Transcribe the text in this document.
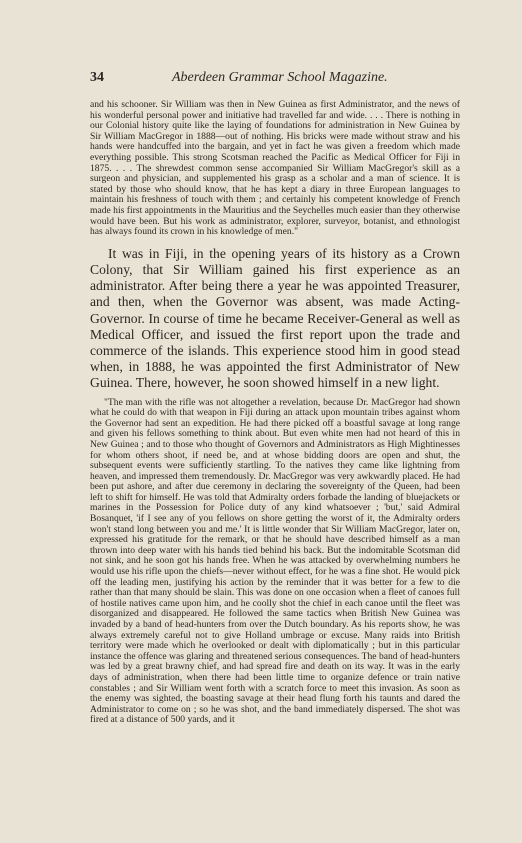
34	Aberdeen Grammar School Magazine.

and his schooner. Sir William was then in New Guinea as first Administrator, and the news of his wonderful personal power and initiative had travelled far and wide. . . . There is nothing in our Colonial history quite like the laying of foundations for administration in New Guinea by Sir William MacGregor in 1888—out of nothing. His bricks were made without straw and his hands were handcuffed into the bargain, and yet in fact he was given a freedom which made everything possible. This strong Scotsman reached the Pacific as Medical Officer for Fiji in 1875. . . . The shrewdest common sense accompanied Sir William MacGregor's skill as a surgeon and physician, and supplemented his grasp as a scholar and a man of science. It is stated by those who should know, that he has kept a diary in three European languages to maintain his freshness of touch with them ; and certainly his competent knowledge of French made his first appointments in the Mauritius and the Seychelles much easier than they otherwise would have been. But his work as administrator, explorer, surveyor, botanist, and ethnologist has always found its crown in his knowledge of men."

It was in Fiji, in the opening years of its history as a Crown Colony, that Sir William gained his first experience as an administrator. After being there a year he was appointed Treasurer, and then, when the Governor was absent, was made Acting-Governor. In course of time he became Receiver-General as well as Medical Officer, and issued the first report upon the trade and commerce of the islands. This experience stood him in good stead when, in 1888, he was appointed the first Administrator of New Guinea. There, however, he soon showed himself in a new light.

"The man with the rifle was not altogether a revelation, because Dr. MacGregor had shown what he could do with that weapon in Fiji during an attack upon mountain tribes against whom the Governor had sent an expedition. He had there picked off a boastful savage at long range and given his fellows something to think about. But even white men had not heard of this in New Guinea ; and to those who thought of Governors and Administrators as High Mightinesses for whom others shoot, if need be, and at whose bidding doors are open and shut, the subsequent events were sufficiently startling. To the natives they came like lightning from heaven, and impressed them tremendously. Dr. MacGregor was very awkwardly placed. He had been put ashore, and after due ceremony in declaring the sovereignty of the Queen, had been left to shift for himself. He was told that Admiralty orders forbade the landing of bluejackets or marines in the Possession for Police duty of any kind whatsoever ; 'but,' said Admiral Bosanquet, 'if I see any of you fellows on shore getting the worst of it, the Admiralty orders won't stand long between you and me.' It is little wonder that Sir William MacGregor, later on, expressed his gratitude for the remark, or that he should have described himself as a man thrown into deep water with his hands tied behind his back. But the indomitable Scotsman did not sink, and he soon got his hands free. When he was attacked by overwhelming numbers he would use his rifle upon the chiefs—never without effect, for he was a fine shot. He would pick off the leading men, justifying his action by the reminder that it was better for a few to die rather than that many should be slain. This was done on one occasion when a fleet of canoes full of hostile natives came upon him, and he coolly shot the chief in each canoe until the fleet was disorganized and disappeared. He followed the same tactics when British New Guinea was invaded by a band of head-hunters from over the Dutch boundary. As his reports show, he was always extremely careful not to give Holland umbrage or excuse. Many raids into British territory were made which he overlooked or dealt with diplomatically ; but in this particular instance the offence was glaring and threatened serious consequences. The band of head-hunters was led by a great brawny chief, and had spread fire and death on its way. It was in the early days of administration, when there had been little time to organize defence or train native constables ; and Sir William went forth with a scratch force to meet this invasion. As soon as the enemy was sighted, the boasting savage at their head flung forth his taunts and dared the Administrator to come on ; so he was shot, and the band immediately dispersed. The shot was fired at a distance of 500 yards, and it
